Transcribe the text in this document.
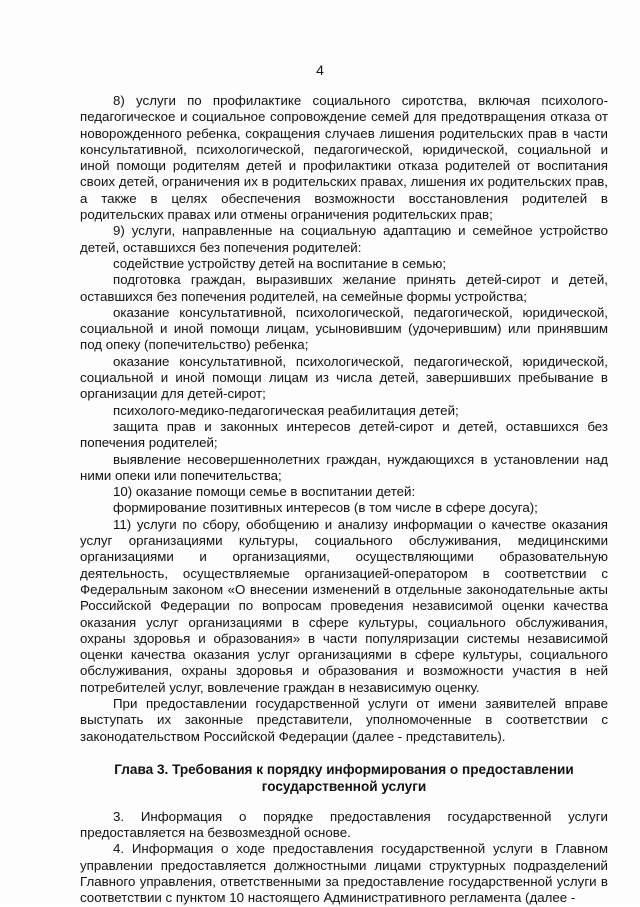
4

8) услуги по профилактике социального сиротства, включая психолого-педагогическое и социальное сопровождение семей для предотвращения отказа от новорожденного ребенка, сокращения случаев лишения родительских прав в части консультативной, психологической, педагогической, юридической, социальной и иной помощи родителям детей и профилактики отказа родителей от воспитания своих детей, ограничения их в родительских правах, лишения их родительских прав, а также в целях обеспечения возможности восстановления родителей в родительских правах или отмены ограничения родительских прав;

9) услуги, направленные на социальную адаптацию и семейное устройство детей, оставшихся без попечения родителей:

содействие устройству детей на воспитание в семью;

подготовка граждан, выразивших желание принять детей-сирот и детей, оставшихся без попечения родителей, на семейные формы устройства;

оказание консультативной, психологической, педагогической, юридической, социальной и иной помощи лицам, усыновившим (удочерившим) или принявшим под опеку (попечительство) ребенка;

оказание консультативной, психологической, педагогической, юридической, социальной и иной помощи лицам из числа детей, завершивших пребывание в организации для детей-сирот;

психолого-медико-педагогическая реабилитация детей;

защита прав и законных интересов детей-сирот и детей, оставшихся без попечения родителей;

выявление несовершеннолетних граждан, нуждающихся в установлении над ними опеки или попечительства;

10) оказание помощи семье в воспитании детей:

формирование позитивных интересов (в том числе в сфере досуга);

11) услуги по сбору, обобщению и анализу информации о качестве оказания услуг организациями культуры, социального обслуживания, медицинскими организациями и организациями, осуществляющими образовательную деятельность, осуществляемые организацией-оператором в соответствии с Федеральным законом «О внесении изменений в отдельные законодательные акты Российской Федерации по вопросам проведения независимой оценки качества оказания услуг организациями в сфере культуры, социального обслуживания, охраны здоровья и образования» в части популяризации системы независимой оценки качества оказания услуг организациями в сфере культуры, социального обслуживания, охраны здоровья и образования и возможности участия в ней потребителей услуг, вовлечение граждан в независимую оценку.

При предоставлении государственной услуги от имени заявителей вправе выступать их законные представители, уполномоченные в соответствии с законодательством Российской Федерации (далее - представитель).

Глава 3. Требования к порядку информирования о предоставлении государственной услуги

3. Информация о порядке предоставления государственной услуги предоставляется на безвозмездной основе.

4. Информация о ходе предоставления государственной услуги в Главном управлении предоставляется должностными лицами структурных подразделений Главного управления, ответственными за предоставление государственной услуги в соответствии с пунктом 10 настоящего Административного регламента (далее -
